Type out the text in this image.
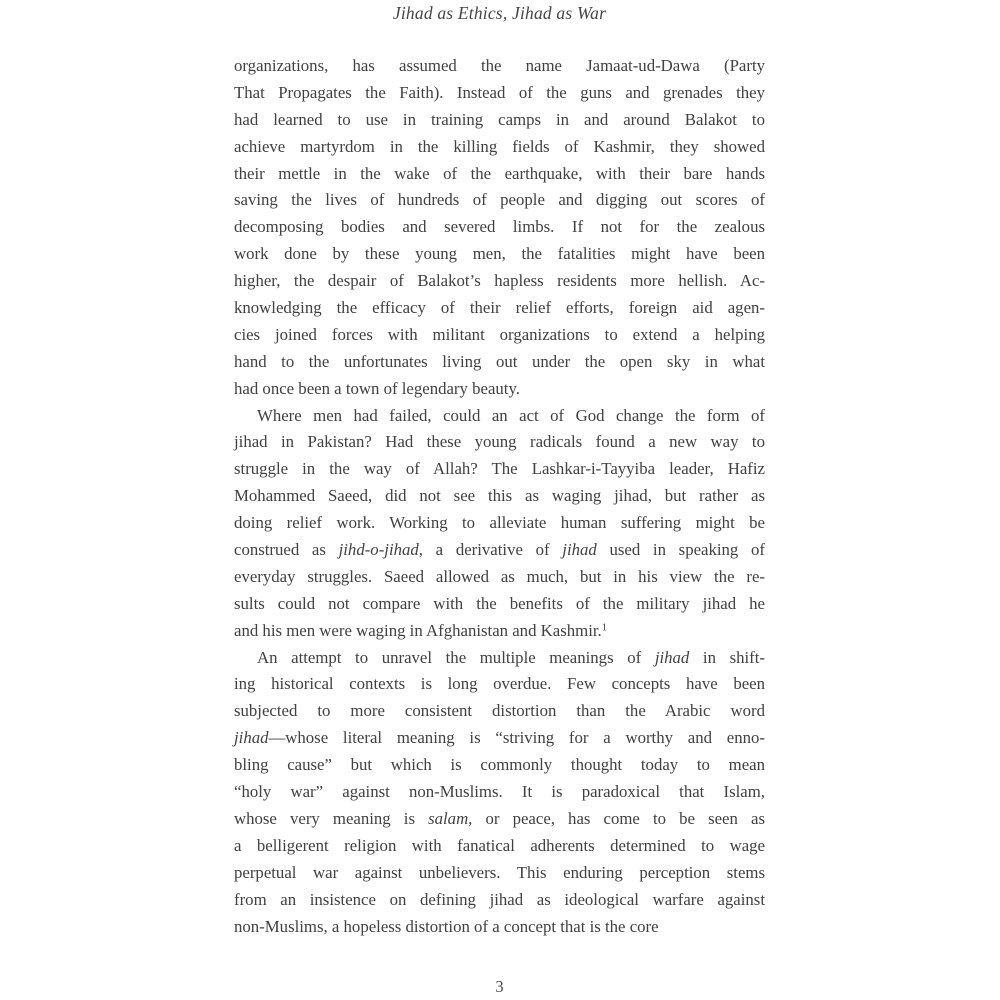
Jihad as Ethics, Jihad as War
organizations, has assumed the name Jamaat-ud-Dawa (Party
That Propagates the Faith). Instead of the guns and grenades they
had learned to use in training camps in and around Balakot to
achieve martyrdom in the killing fields of Kashmir, they showed
their mettle in the wake of the earthquake, with their bare hands
saving the lives of hundreds of people and digging out scores of
decomposing bodies and severed limbs. If not for the zealous
work done by these young men, the fatalities might have been
higher, the despair of Balakot’s hapless residents more hellish. Ac-
knowledging the efficacy of their relief efforts, foreign aid agen-
cies joined forces with militant organizations to extend a helping
hand to the unfortunates living out under the open sky in what
had once been a town of legendary beauty.
Where men had failed, could an act of God change the form of
jihad in Pakistan? Had these young radicals found a new way to
struggle in the way of Allah? The Lashkar-i-Tayyiba leader, Hafiz
Mohammed Saeed, did not see this as waging jihad, but rather as
doing relief work. Working to alleviate human suffering might be
construed as jihd-o-jihad, a derivative of jihad used in speaking of
everyday struggles. Saeed allowed as much, but in his view the re-
sults could not compare with the benefits of the military jihad he
and his men were waging in Afghanistan and Kashmir.$^1$
An attempt to unravel the multiple meanings of jihad in shift-
ing historical contexts is long overdue. Few concepts have been
subjected to more consistent distortion than the Arabic word
jihad—whose literal meaning is “striving for a worthy and enno-
bling cause” but which is commonly thought today to mean
“holy war” against non-Muslims. It is paradoxical that Islam,
whose very meaning is salam, or peace, has come to be seen as
a belligerent religion with fanatical adherents determined to wage
perpetual war against unbelievers. This enduring perception stems
from an insistence on defining jihad as ideological warfare against
non-Muslims, a hopeless distortion of a concept that is the core
3
